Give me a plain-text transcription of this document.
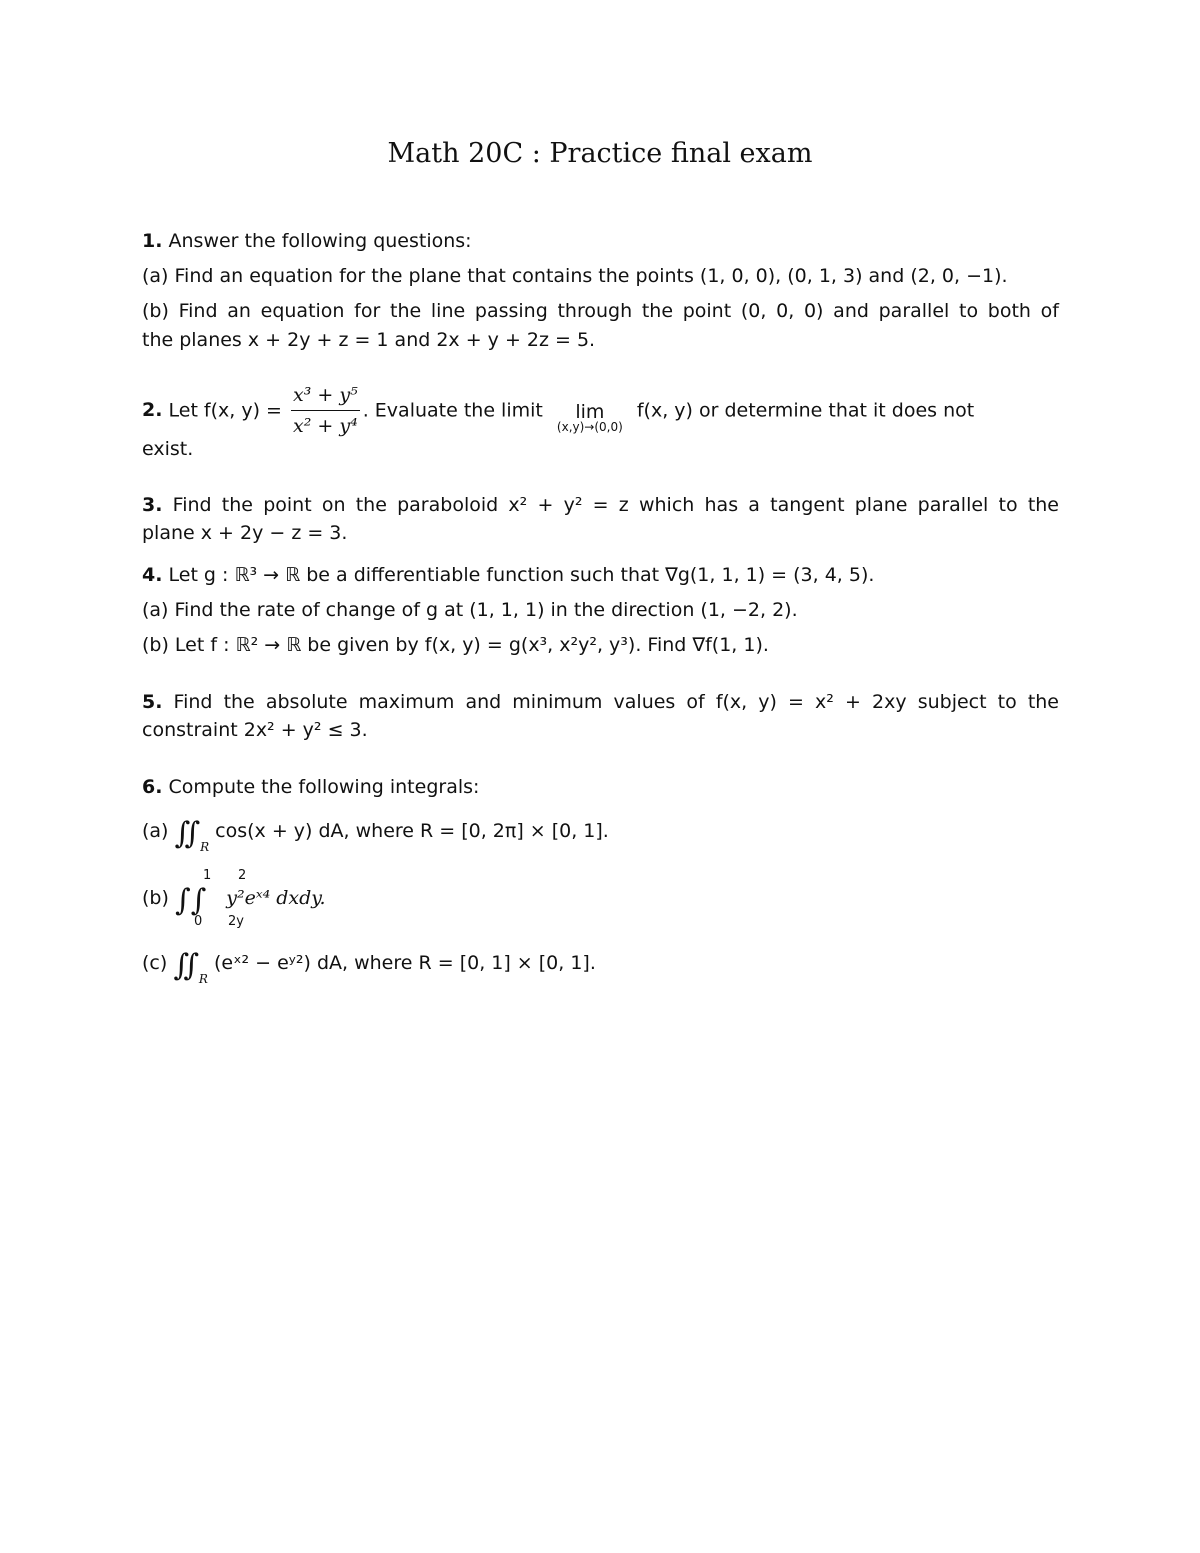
Math 20C : Practice final exam
1. Answer the following questions:
(a) Find an equation for the plane that contains the points (1, 0, 0), (0, 1, 3) and (2, 0, −1).
(b) Find an equation for the line passing through the point (0, 0, 0) and parallel to both of
the planes x + 2y + z = 1 and 2x + y + 2z = 5.
2. Let f(x, $y) = \frac{\text{x³ + y⁵}}{\text{x² + y⁴}}$ . Evaluate the limit	lim
(x,y)→(0,0)
f(x, y) or determine that it does not
exist.
3. Find the point on the paraboloid x² + y² = z which has a tangent plane parallel to the
plane x + 2y − z = 3.
4. Let g : ℝ³ → ℝ be a differentiable function such that ∇g(1, 1, 1) = (3, 4, 5).
(a) Find the rate of change of g at (1, 1, 1) in the direction (1, −2, 2).
(b) Let f : ℝ² → ℝ be given by f(x, y) = g(x³, x²y², y³). Find ∇f(1, 1).
5. Find the absolute maximum and minimum values of f(x, y) = x² + 2xy subject to the
constraint 2x² + y² ≤ 3.
6. Compute the following integrals:
(a) $∬_R$ cos(x + y) dA, where R = [0, 2π] × [0, 1].
(b) ∫∫ y²eˣ⁴ dxdy.
1
0
2
2y
(c) $∬_R$ (eˣ² − eʸ²) dA, where R = [0, 1] × [0, 1].
